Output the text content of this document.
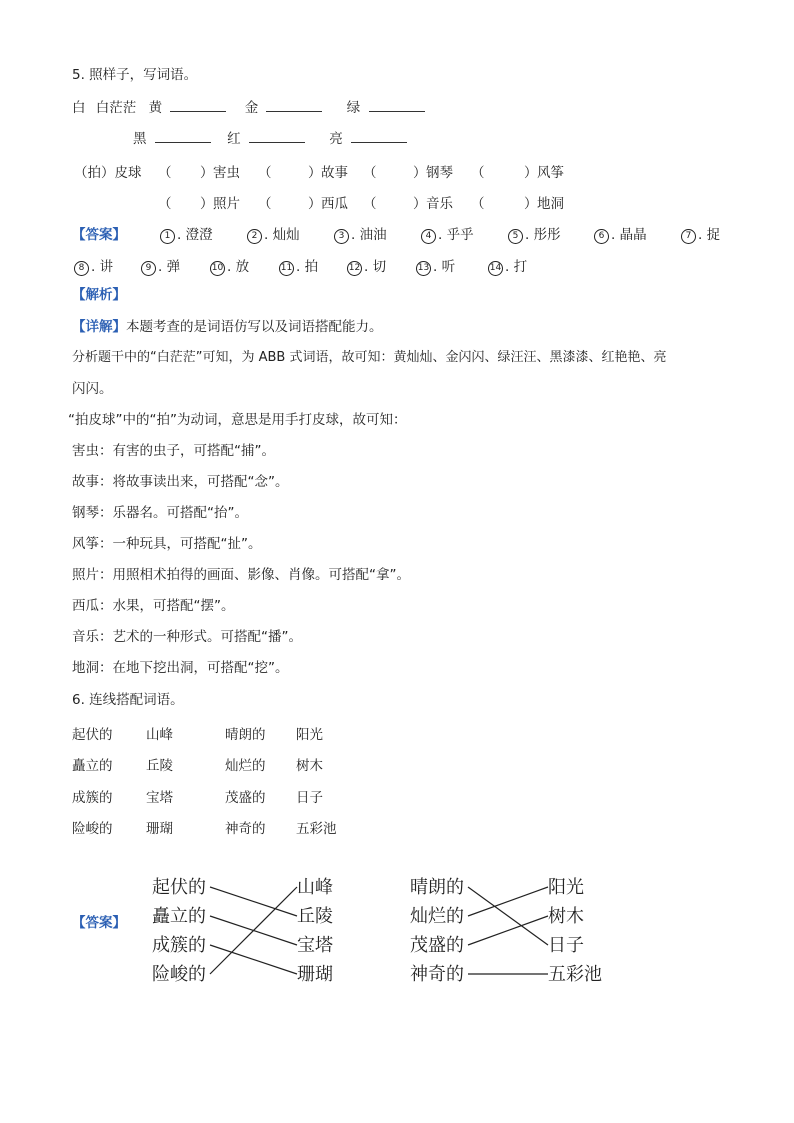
5. 照样子，写词语。
白 白茫茫 黄	金	绿
黑	红	亮
（拍）皮球 （ ） 害虫 （	） 故事 （	） 钢琴 （	） 风筝
（ ） 照片 （	） 西瓜 （	） 音乐 （	） 地洞
【答案】	1 . 澄澄	2 . 灿灿	3 . 油油	4 . 乎乎	5 . 彤彤	6 . 晶晶	7 . 捉
8 . 讲	9 . 弹	10 . 放	11 . 拍	12 . 切	13 . 听	14 . 打
【解析】
【详解】本题考查的是词语仿写以及词语搭配能力。
分析题干中的“白茫茫”可知，为 ABB 式词语，故可知：黄灿灿、金闪闪、绿汪汪、黑漆漆、红艳艳、亮
闪闪。
“拍皮球”中的“拍”为动词，意思是用手打皮球，故可知：
害虫：有害的虫子，可搭配“捕”。
故事：将故事读出来，可搭配“念”。
钢琴：乐器名。可搭配“抬”。
风筝：一种玩具，可搭配“扯”。
照片：用照相术拍得的画面、影像、肖像。可搭配“拿”。
西瓜：水果，可搭配“摆”。
音乐：艺术的一种形式。可搭配“播”。
地洞：在地下挖出洞，可搭配“挖”。
6. 连线搭配词语。
起伏的 山峰	晴朗的 阳光
矗立的 丘陵	灿烂的 树木
成簇的 宝塔	茂盛的 日子
险峻的 珊瑚	神奇的 五彩池
【答案】
起伏的
矗立的
成簇的
险峻的
山峰
丘陵
宝塔
珊瑚
晴朗的
灿烂的
茂盛的
神奇的
阳光
树木
日子
五彩池
